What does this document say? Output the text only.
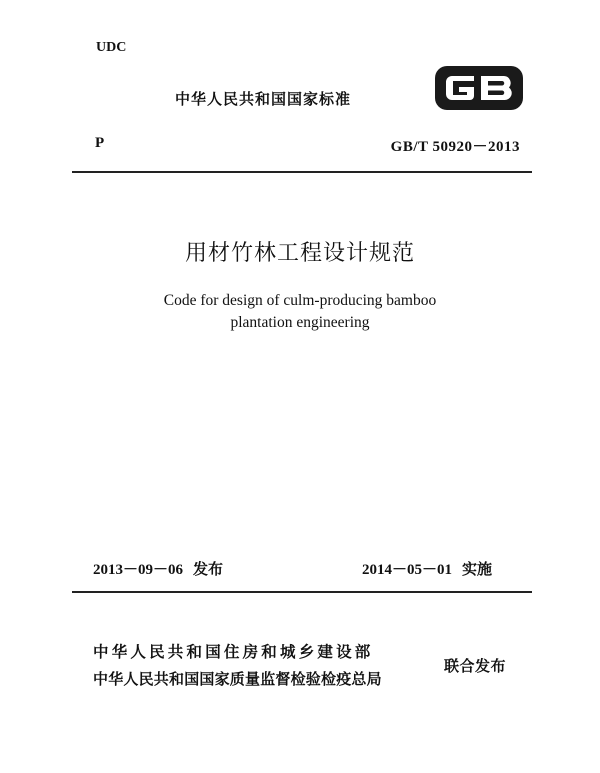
UDC
中华人民共和国国家标准
P	GB/T 50920－2013
用材竹林工程设计规范
Code for design of culm-producing bamboo
plantation engineering
2013－09－06 发布	2014－05－01 实施
中华人民共和国住房和城乡建设部
中华人民共和国国家质量监督检验检疫总局
联合发布
